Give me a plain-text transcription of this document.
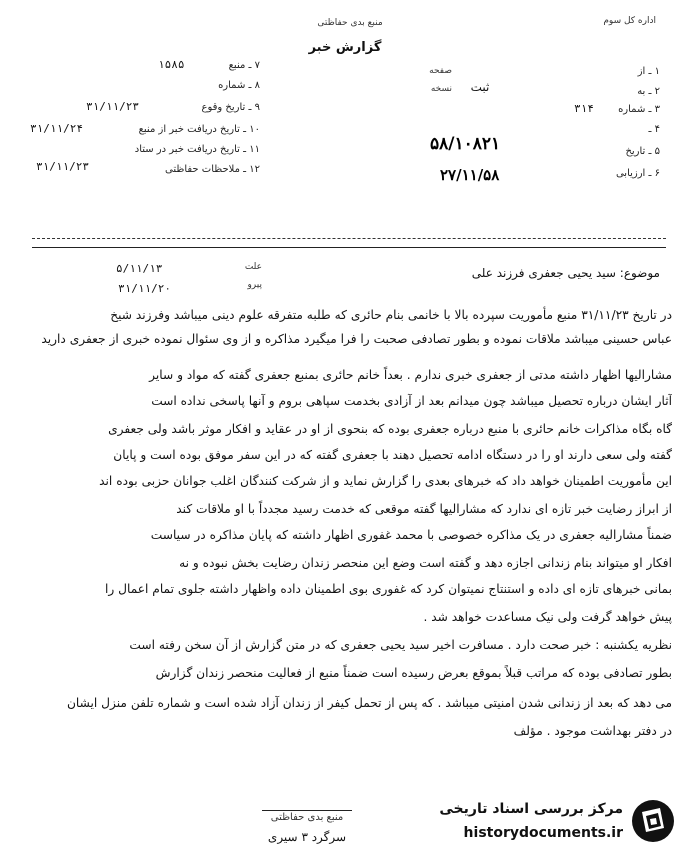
اداره کل سوم
منبع بدی حفاظتی
گزارش خبر
صفحه
نسخه	ثبت
۷ ـ منبع
۱۵۸۵
۸ ـ شماره
۹ ـ تاریخ وقوع
۳۱/۱۱/۲۳
۱۰ ـ تاریخ دریافت خبر از منبع
۳۱/۱۱/۲۴
۱۱ ـ تاریخ دریافت خبر در ستاد
۱۲ ـ ملاحظات حفاظتی
۳۱/۱۱/۲۳
۱ ـ از
۲ ـ به
۳ ـ شماره
۳۱۴
۴ ـ
۵ ـ تاریخ
۶ ـ ارزیابی
۵۸/۱۰۸۲۱
۲۷/۱۱/۵۸
علت
پیرو
۵/۱۱/۱۳
۳۱/۱۱/۲۰
موضوع: سید یحیی جعفری فرزند علی
در تاریخ ۳۱/۱۱/۲۳ منبع مأموریت سپرده بالا با خانمی بنام حائری که طلبه متفرقه علوم دینی میباشد وفرزند شیخ
عباس حسینی میباشد ملاقات نموده و بطور تصادفی صحبت را فرا میگیرد مذاکره و از وی سئوال نموده خبری از جعفری دارید
مشارالیها اظهار داشته مدتی از جعفری خبری ندارم . بعداً خانم حائری بمنبع جعفری گفته که مواد و سایر
آثار ایشان درباره تحصیل میباشد چون میدانم بعد از آزادی بخدمت سپاهی بروم و آنها پاسخی نداده است
گاه بگاه مذاکرات خانم حائری با منبع درباره جعفری بوده که بنحوی از او در عقاید و افکار موثر باشد ولی جعفری
گفته ولی سعی دارند او را در دستگاه ادامه تحصیل دهند با جعفری گفته که در این سفر موفق بوده است و پایان
این مأموریت اطمینان خواهد داد که خبرهای بعدی را گزارش نماید و از شرکت کنندگان اغلب جوانان حزبی بوده اند
از ابراز رضایت خبر تازه ای ندارد که مشارالیها گفته موقعی که خدمت رسید مجدداً با او ملاقات کند
ضمناً مشارالیه جعفری در یک مذاکره خصوصی با محمد غفوری اظهار داشته که پایان مذاکره در سیاست
افکار او میتواند بنام زندانی اجازه دهد و گفته است وضع این منحصر زندان رضایت بخش نبوده و نه
بمانی خبرهای تازه ای داده و استنتاج نمیتوان کرد که غفوری بوی اطمینان داده واظهار داشته جلوی تمام اعمال را
پیش خواهد گرفت ولی نیک مساعدت خواهد شد .
نظریه یکشنبه : خبر صحت دارد . مسافرت اخیر سید یحیی جعفری که در متن گزارش از آن سخن رفته است
بطور تصادفی بوده که مراتب قبلاً بموقع بعرض رسیده است ضمناً منبع از فعالیت منحصر زندان گزارش
می دهد که بعد از زندانی شدن امنیتی میباشد . که پس از تحمل کیفر از زندان آزاد شده است و شماره تلفن منزل ایشان
در دفتر بهداشت موجود . مؤلف
منبع بدی حفاظتی
سرگرد ۳ سیری
مرکز بررسی اسناد تاریخی
historydocuments.ir
